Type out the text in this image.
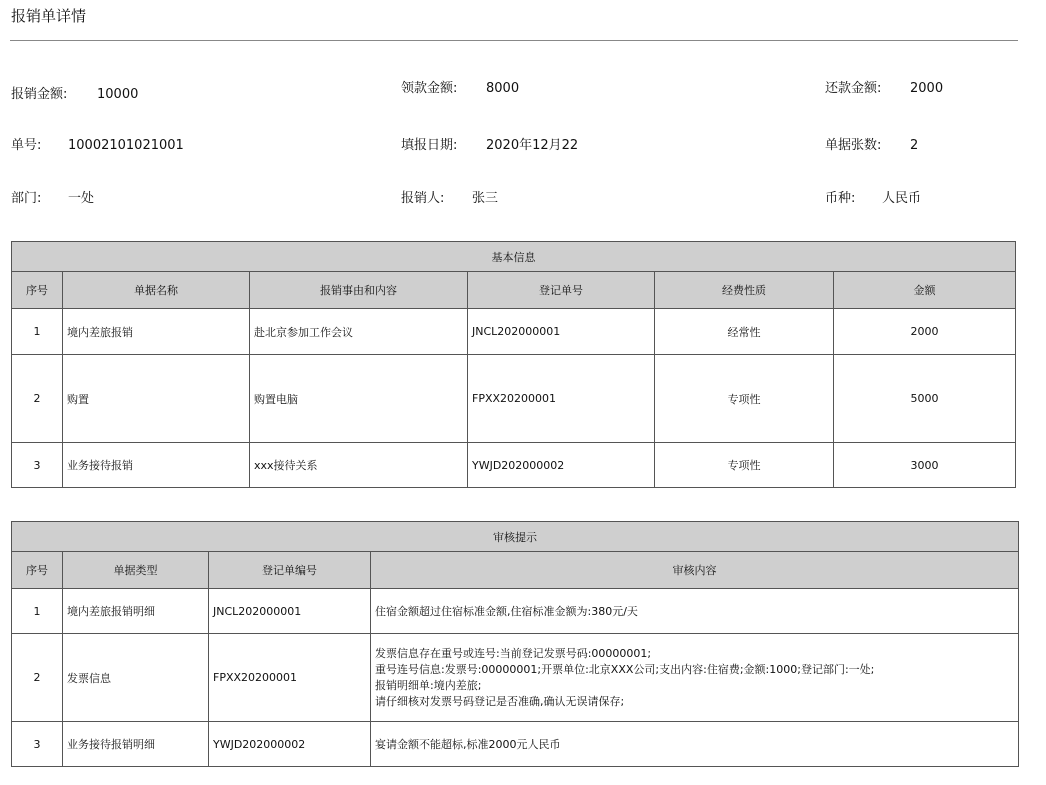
报销单详情
报销金额: 10000	领款金额: 8000	还款金额: 2000
单号: 10002101021001	填报日期: 2020年12月22	单据张数: 2
部门: 一处	报销人: 张三	币种: 人民币
基本信息					
序号	单据名称	报销事由和内容	登记单号	经费性质	金额
1	境内差旅报销	赴北京参加工作会议	JNCL202000001	经常性	2000
2	购置	购置电脑	FPXX20200001	专项性	5000
3	业务接待报销	xxx接待关系	YWJD202000002	专项性	3000
审核提示			
序号	单据类型	登记单编号	审核内容
1	境内差旅报销明细	JNCL202000001	住宿金额超过住宿标准金额,住宿标准金额为:380元/天

2	发票信息	FPXX20200001	发票信息存在重号或连号:当前登记发票号码:00000001;
重号连号信息:发票号:00000001;开票单位:北京XXX公司;支出内容:住宿费;金额:1000;登记部门:一处;
报销明细单:境内差旅;
请仔细核对发票号码登记是否准确,确认无误请保存;

3	业务接待报销明细	YWJD202000002	宴请金额不能超标,标准2000元人民币
